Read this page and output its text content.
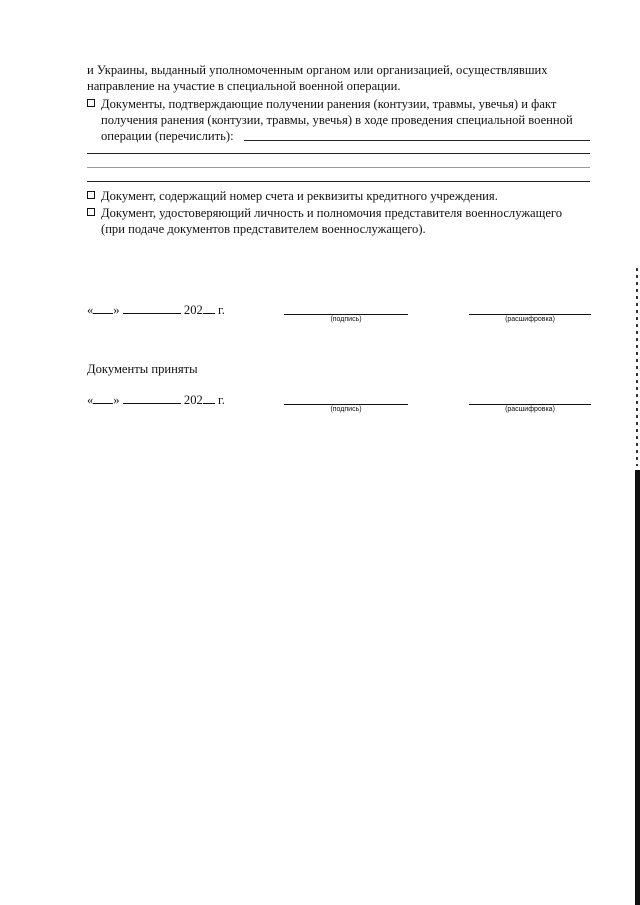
и Украины, выданный уполномоченным органом или организацией, осуществлявших
направление на участие в специальной военной операции.
Документы, подтверждающие получении ранения (контузии, травмы, увечья) и факт
получения ранения (контузии, травмы, увечья) в ходе проведения специальной военной
операции (перечислить):
Документ, содержащий номер счета и реквизиты кредитного учреждения.
Документ, удостоверяющий личность и полномочия представителя военнослужащего
(при подаче документов представителем военнослужащего).
« »	202 г.
(подпись)	(расшифровка)
Документы приняты
« »	202 г.
(подпись)	(расшифровка)
